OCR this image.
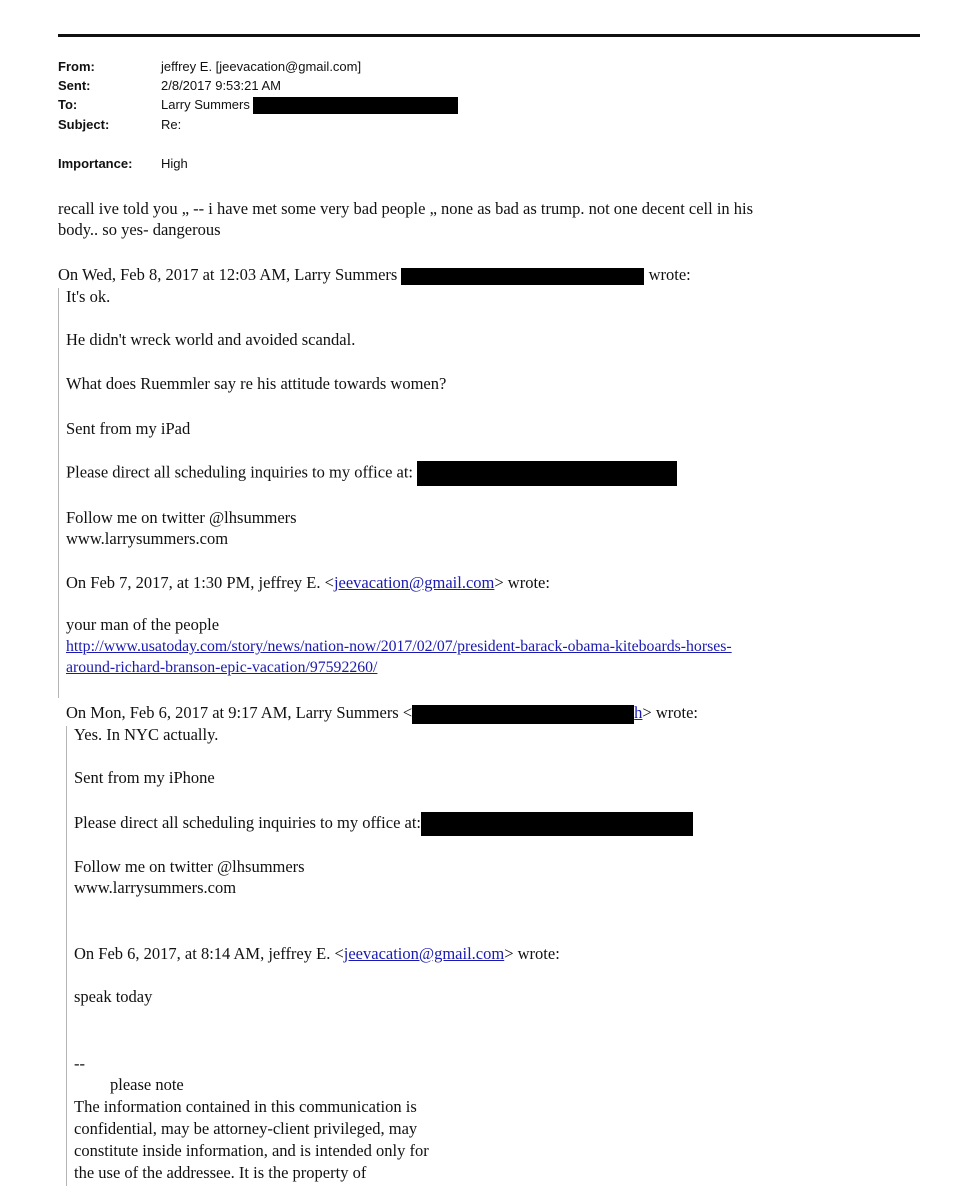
From:	jeffrey E. [jeevacation@gmail.com]
Sent:	2/8/2017 9:53:21 AM
To:	Larry Summers
Subject:	Re:
Importance: High
recall ive told you „ -- i have met some very bad people „ none as bad as trump. not one decent cell in his
body.. so yes- dangerous
On Wed, Feb 8, 2017 at 12:03 AM, Larry Summers	wrote:
It's ok.
He didn't wreck world and avoided scandal.
What does Ruemmler say re his attitude towards women?
Sent from my iPad
Please direct all scheduling inquiries to my office at:
Follow me on twitter @lhsummers
www.larrysummers.com
On Feb 7, 2017, at 1:30 PM, jeffrey E. <jeevacation@gmail.com> wrote:
your man of the people
http://www.usatoday.com/story/news/nation-now/2017/02/07/president-barack-obama-kiteboards-horses-
around-richard-branson-epic-vacation/97592260/
On Mon, Feb 6, 2017 at 9:17 AM, Larry Summers <	h> wrote:
Yes. In NYC actually.
Sent from my iPhone
Please direct all scheduling inquiries to my office at:
Follow me on twitter @lhsummers
www.larrysummers.com
On Feb 6, 2017, at 8:14 AM, jeffrey E. <jeevacation@gmail.com> wrote:
speak today
--
please note
The information contained in this communication is
confidential, may be attorney-client privileged, may
constitute inside information, and is intended only for
the use of the addressee. It is the property of
